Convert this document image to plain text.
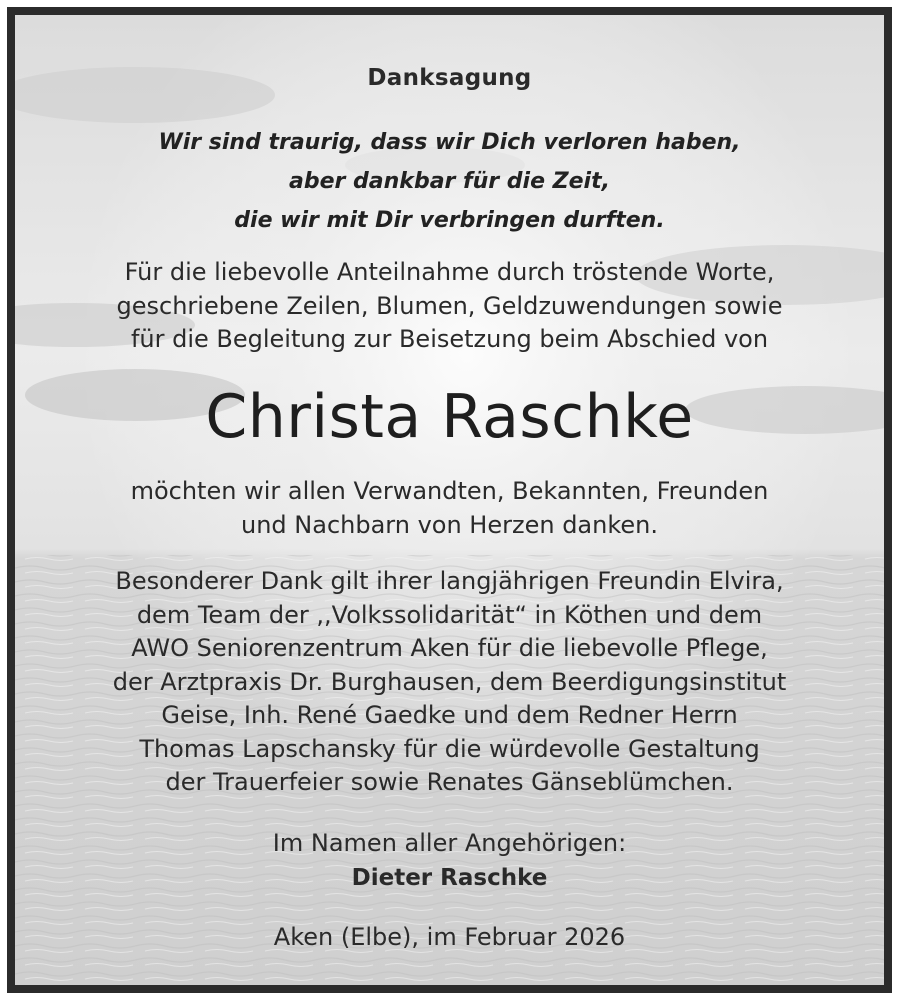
Danksagung
Wir sind traurig, dass wir Dich verloren haben,
aber dankbar für die Zeit,
die wir mit Dir verbringen durften.
Für die liebevolle Anteilnahme durch tröstende Worte,
geschriebene Zeilen, Blumen, Geldzuwendungen sowie
für die Begleitung zur Beisetzung beim Abschied von
Christa Raschke
möchten wir allen Verwandten, Bekannten, Freunden
und Nachbarn von Herzen danken.
Besonderer Dank gilt ihrer langjährigen Freundin Elvira,
dem Team der ,,Volkssolidarität“ in Köthen und dem
AWO Seniorenzentrum Aken für die liebevolle Pflege,
der Arztpraxis Dr. Burghausen, dem Beerdigungsinstitut
Geise, Inh. René Gaedke und dem Redner Herrn
Thomas Lapschansky für die würdevolle Gestaltung
der Trauerfeier sowie Renates Gänseblümchen.
Im Namen aller Angehörigen:
Dieter Raschke
Aken (Elbe), im Februar 2026
